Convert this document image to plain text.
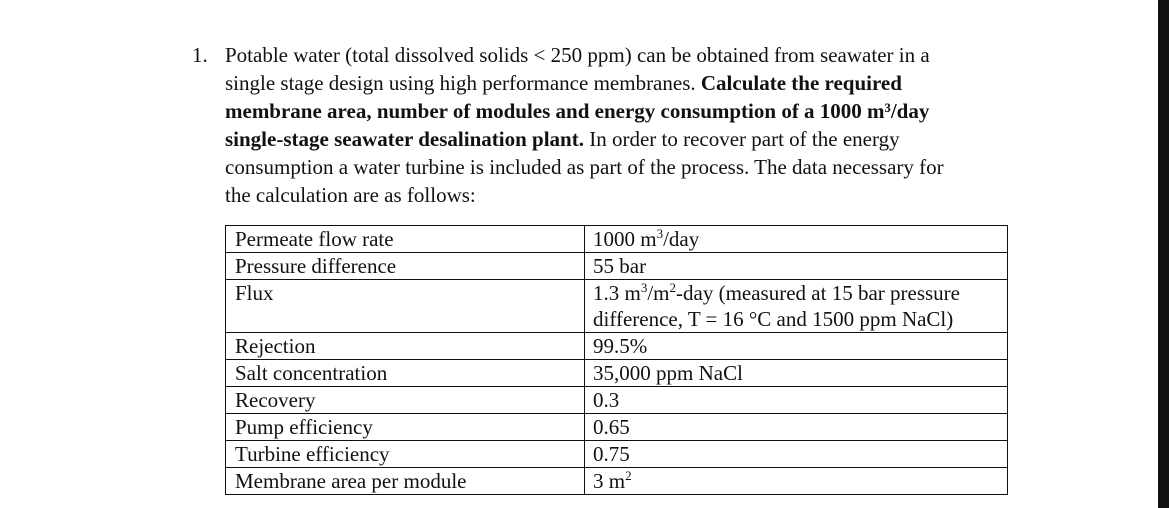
1. Potable water (total dissolved solids < 250 ppm) can be obtained from seawater in a
single stage design using high performance membranes. Calculate the required
membrane area, number of modules and energy consumption of a 1000 m³/day
single-stage seawater desalination plant. In order to recover part of the energy
consumption a water turbine is included as part of the process. The data necessary for
the calculation are as follows:
Permeate flow rate	1000 $m^3$/day
Pressure difference	55 bar
Flux	1.3 $m^3/m^2$-day (measured at 15 bar pressure
difference, T = 16 °C and 1500 ppm NaCl)
Rejection	99.5%
Salt concentration	35,000 ppm NaCl
Recovery	0.3
Pump efficiency	0.65
Turbine efficiency	0.75
Membrane area per module	3 $m^2$
